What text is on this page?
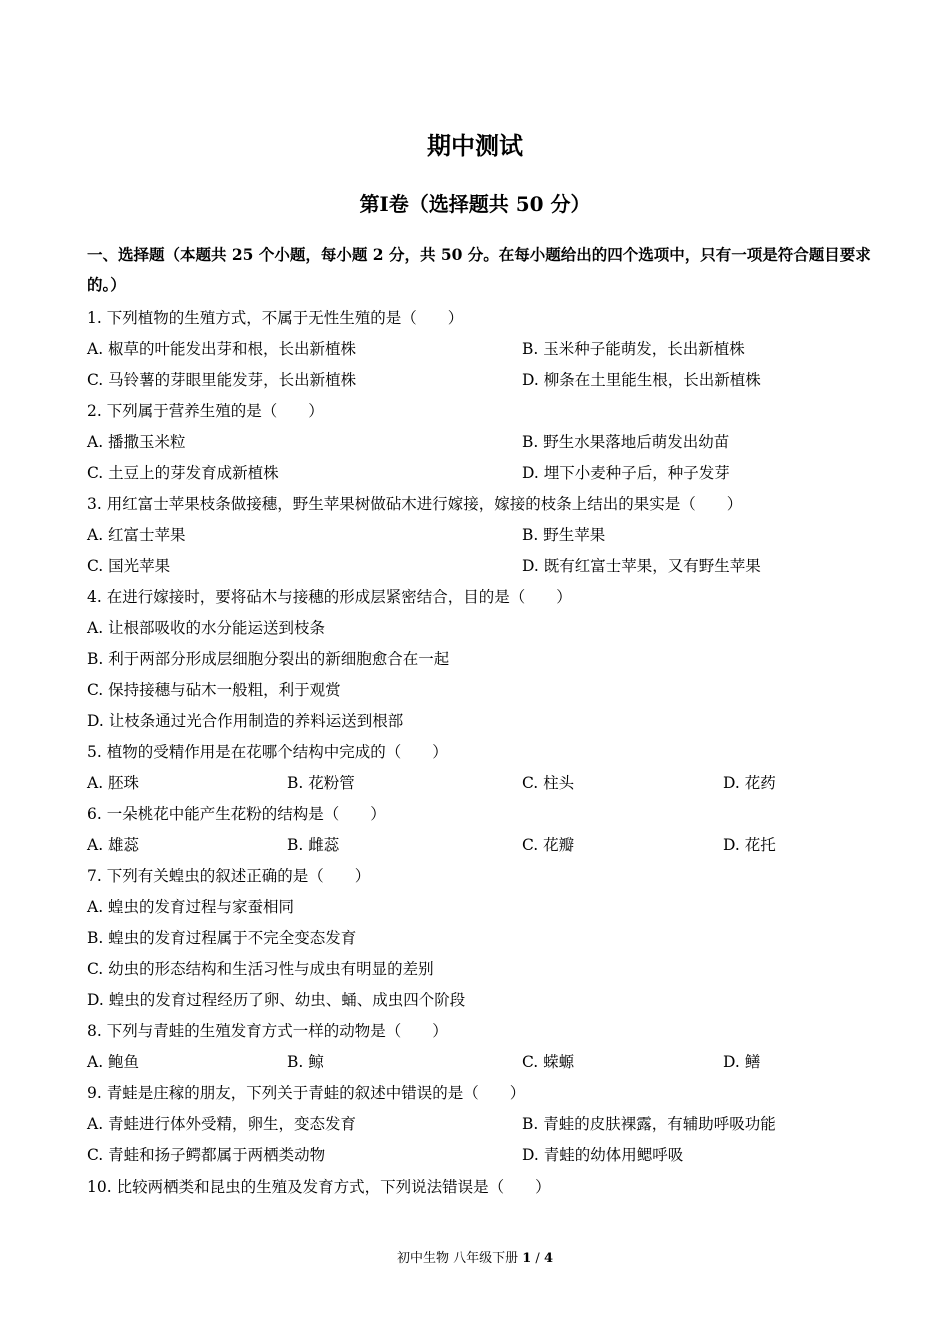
期中测试
第I卷（选择题共 50 分）
一、选择题（本题共 25 个小题，每小题 2 分，共 50 分。在每小题给出的四个选项中，只有一项是符合题目要求的。）
1. 下列植物的生殖方式，不属于无性生殖的是（　　）
A. 椒草的叶能发出芽和根，长出新植株	B. 玉米种子能萌发，长出新植株
C. 马铃薯的芽眼里能发芽，长出新植株	D. 柳条在土里能生根，长出新植株
2. 下列属于营养生殖的是（　　）
A. 播撒玉米粒	B. 野生水果落地后萌发出幼苗
C. 土豆上的芽发育成新植株	D. 埋下小麦种子后，种子发芽
3. 用红富士苹果枝条做接穗，野生苹果树做砧木进行嫁接，嫁接的枝条上结出的果实是（　　）
A. 红富士苹果	B. 野生苹果
C. 国光苹果	D. 既有红富士苹果，又有野生苹果
4. 在进行嫁接时，要将砧木与接穗的形成层紧密结合，目的是（　　）
A. 让根部吸收的水分能运送到枝条
B. 利于两部分形成层细胞分裂出的新细胞愈合在一起
C. 保持接穗与砧木一般粗，利于观赏
D. 让枝条通过光合作用制造的养料运送到根部
5. 植物的受精作用是在花哪个结构中完成的（　　）
A. 胚珠	B. 花粉管	C. 柱头	D. 花药
6. 一朵桃花中能产生花粉的结构是（　　）
A. 雄蕊	B. 雌蕊	C. 花瓣	D. 花托
7. 下列有关蝗虫的叙述正确的是（　　）
A. 蝗虫的发育过程与家蚕相同
B. 蝗虫的发育过程属于不完全变态发育
C. 幼虫的形态结构和生活习性与成虫有明显的差别
D. 蝗虫的发育过程经历了卵、幼虫、蛹、成虫四个阶段
8. 下列与青蛙的生殖发育方式一样的动物是（　　）
A. 鲍鱼	B. 鲸	C. 蝾螈	D. 鳝
9. 青蛙是庄稼的朋友，下列关于青蛙的叙述中错误的是（　　）
A. 青蛙进行体外受精，卵生，变态发育	B. 青蛙的皮肤裸露，有辅助呼吸功能
C. 青蛙和扬子鳄都属于两栖类动物	D. 青蛙的幼体用鳃呼吸
10. 比较两栖类和昆虫的生殖及发育方式，下列说法错误是（　　）
初中生物 八年级下册 1 / 4
